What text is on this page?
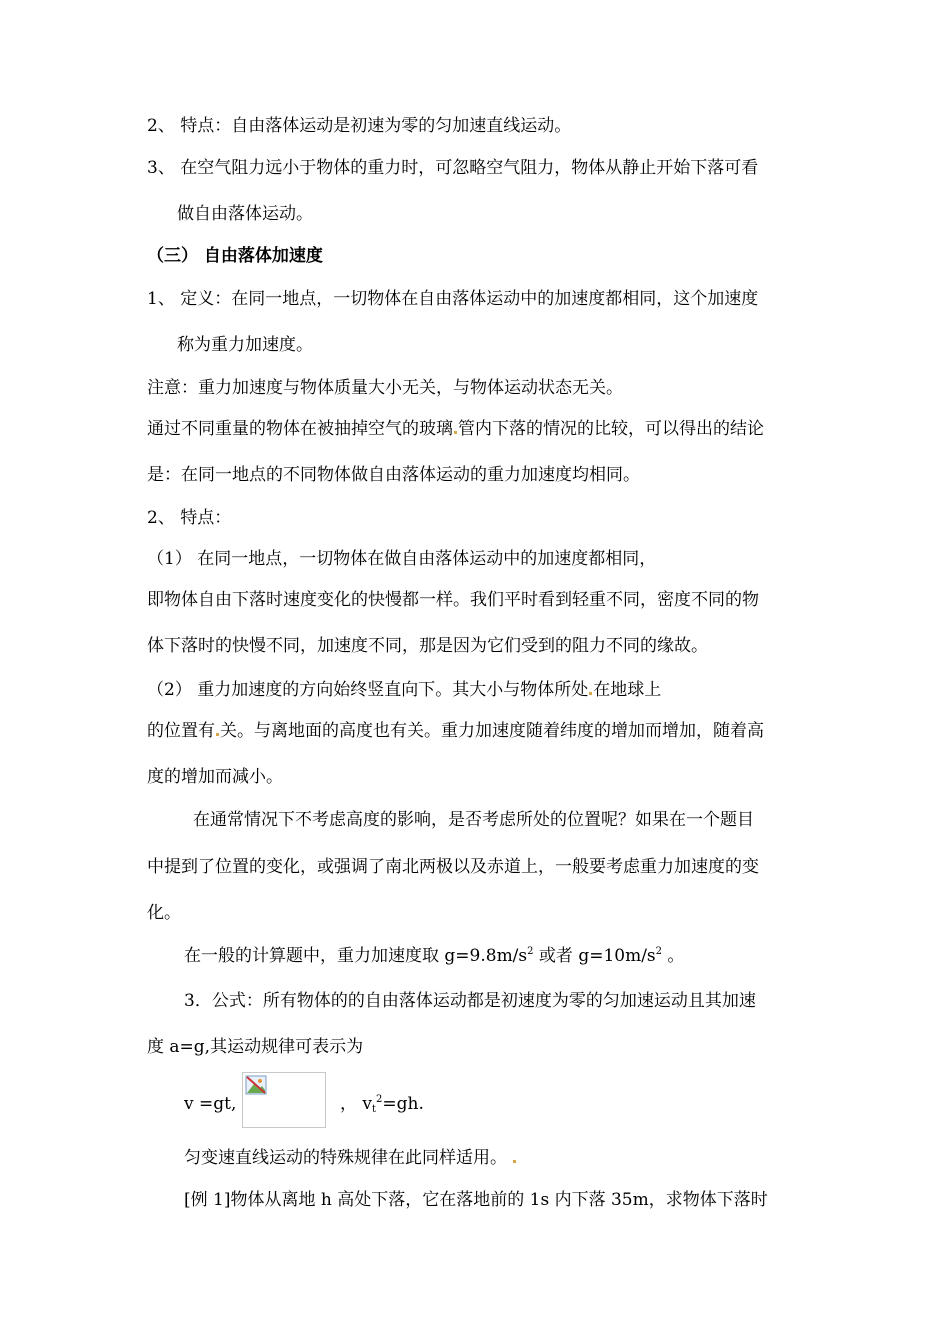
2、 特点：自由落体运动是初速为零的匀加速直线运动。
3、 在空气阻力远小于物体的重力时，可忽略空气阻力，物体从静止开始下落可看
做自由落体运动。
（三） 自由落体加速度
1、 定义：在同一地点，一切物体在自由落体运动中的加速度都相同，这个加速度
称为重力加速度。
注意：重力加速度与物体质量大小无关，与物体运动状态无关。
通过不同重量的物体在被抽掉空气的玻璃 管内下落的情况的比较，可以得出的结论
是：在同一地点的不同物体做自由落体运动的重力加速度均相同。
2、 特点：
（1） 在同一地点，一切物体在做自由落体运动中的加速度都相同，
即物体自由下落时速度变化的快慢都一样。我们平时看到轻重不同，密度不同的物
体下落时的快慢不同，加速度不同，那是因为它们受到的阻力不同的缘故。
（2） 重力加速度的方向始终竖直向下。其大小与物体所处 在地球上
的位置有 关。与离地面的高度也有关。重力加速度随着纬度的增加而增加，随着高
度的增加而减小。
在通常情况下不考虑高度的影响，是否考虑所处的位置呢？如果在一个题目
中提到了位置的变化，或强调了南北两极以及赤道上，一般要考虑重力加速度的变
化。
在一般的计算题中，重力加速度取 $g=9.8m/s^2$ 或者 $g=10m/s^2$ 。
3．公式：所有物体的的自由落体运动都是初速度为零的匀加速运动且其加速
度 a=g,其运动规律可表示为
v =gt,	， $v_t^2=gh$.
匀变速直线运动的特殊规律在此同样适用。
[例 1]物体从离地 h 高处下落，它在落地前的 1s 内下落 35m，求物体下落时
